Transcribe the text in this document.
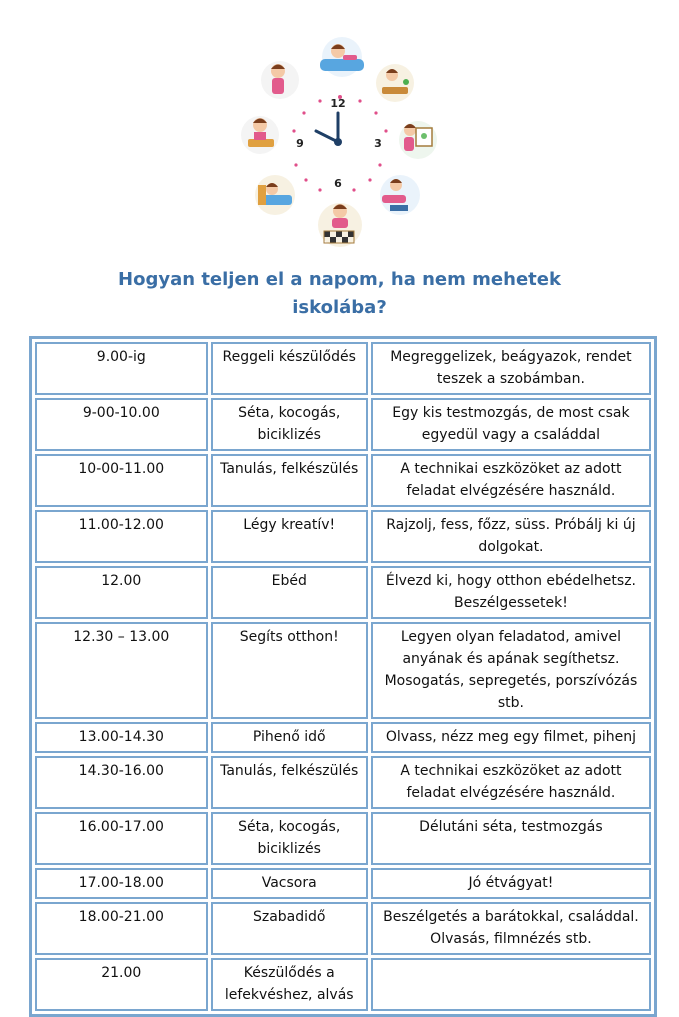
12
3
6
9
Hogyan teljen el a napom, ha nem mehetek
iskolába?
9.00-ig	Reggeli készülődés	Megreggelizek, beágyazok, rendet teszek a szobámban.
9-00-10.00	Séta, kocogás, biciklizés	Egy kis testmozgás, de most csak egyedül vagy a családdal
10-00-11.00	Tanulás, felkészülés	A technikai eszközöket az adott feladat elvégzésére használd.
11.00-12.00	Légy kreatív!	Rajzolj, fess, főzz, süss. Próbálj ki új dolgokat.
12.00	Ebéd	Élvezd ki, hogy otthon ebédelhetsz. Beszélgessetek!
12.30 – 13.00	Segíts otthon!	Legyen olyan feladatod, amivel anyának és apának segíthetsz. Mosogatás, sepregetés, porszívózás stb.
13.00-14.30	Pihenő idő	Olvass, nézz meg egy filmet, pihenj
14.30-16.00	Tanulás, felkészülés	A technikai eszközöket az adott feladat elvégzésére használd.
16.00-17.00	Séta, kocogás, biciklizés	Délutáni séta, testmozgás
17.00-18.00	Vacsora	Jó étvágyat!
18.00-21.00	Szabadidő	Beszélgetés a barátokkal, családdal. Olvasás, filmnézés stb.
21.00	Készülődés a lefekvéshez, alvás	
